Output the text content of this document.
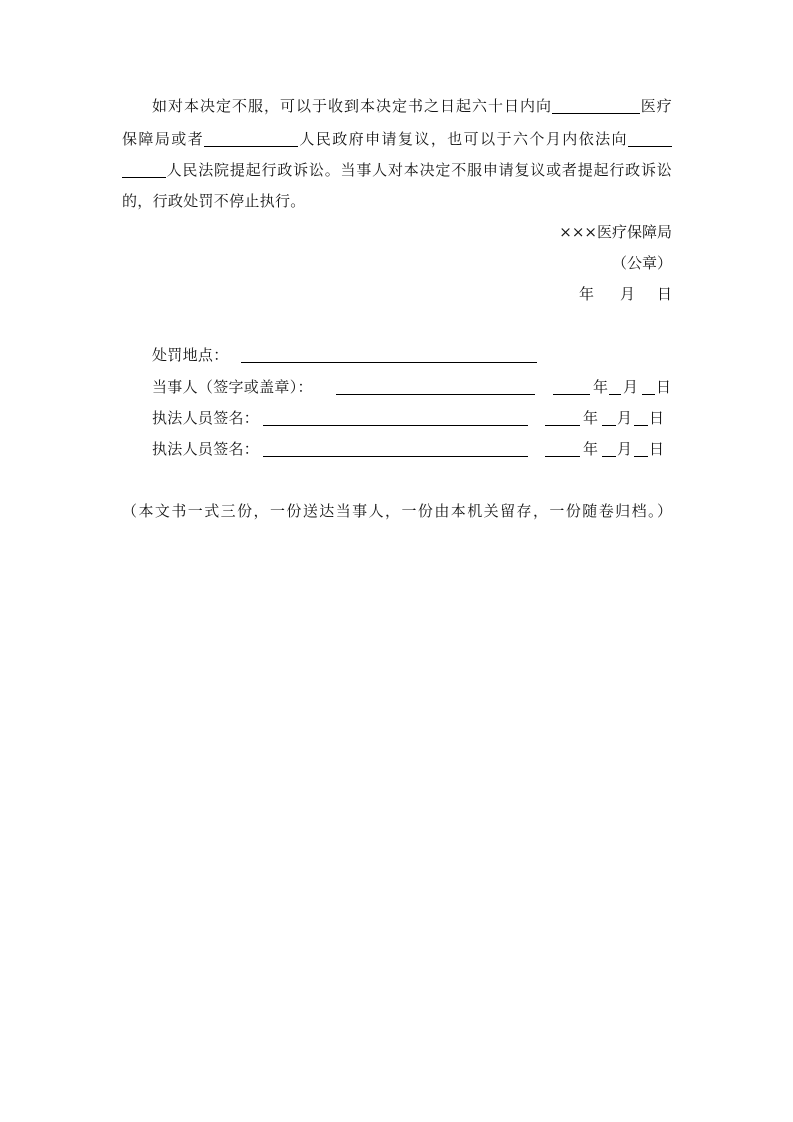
如对本决定不服，可以于收到本决定书之日起六十日内向	医疗
保障局或者	人民政府申请复议，也可以于六个月内依法向
人民法院提起行政诉讼。当事人对本决定不服申请复议或者提起行政诉讼
的，行政处罚不停止执行。
×××医疗保障局
（公章）
年 月 日
处罚地点：
当事人（签字或盖章）：	年 月 日
执法人员签名：	年 月 日
执法人员签名：	年 月 日
（本文书一式三份，一份送达当事人，一份由本机关留存，一份随卷归档。）
